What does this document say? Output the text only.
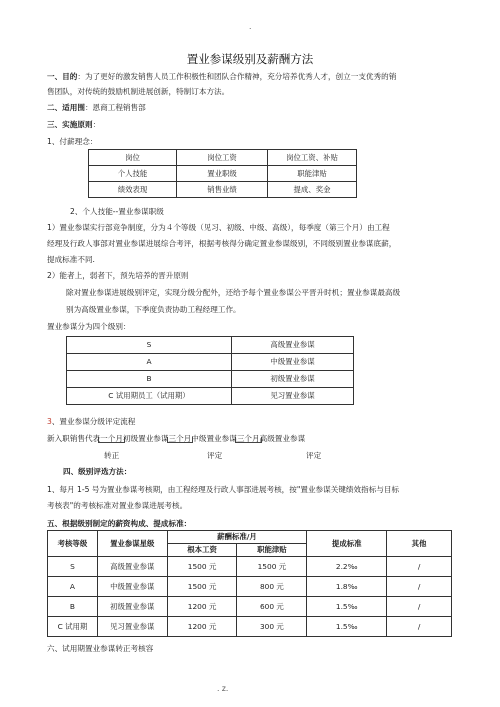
.
置业参谋级别及薪酬方法
一、目的：为了更好的激发销售人员工作积极性和团队合作精神，充分培养优秀人才，创立一支优秀的销
售团队，对传统的鼓励机制进展创新，特制订本方法。
二、适用围：恩商工程销售部
三、实施原则：
1、付薪理念：
岗位	岗位工资	岗位工资、补贴
个人技能	置业职级	职能津贴
绩效表现	销售业绩	提成、奖金
2、个人技能--置业参谋职级
1）置业参谋实行部竞争制度，分为４个等级（见习、初级、中级、高级），每季度（第三个月）由工程
经理及行政人事部对置业参谋进展综合考评，根据考核得分确定置业参谋级别，不同级别置业参谋底薪，
提成标准不同.
2）能者上，弱者下，预先培养的晋升原则
除对置业参谋进展级别评定，实现分级分配外，还给予每个置业参谋公平晋升时机；置业参谋最高级
别为高级置业参谋，下季度负责协助工程经理工作。
置业参谋分为四个级别：
S	高级置业参谋
A	中级置业参谋
B	初级置业参谋
C 试用期员工（试用期）	见习置业参谋
3、置业参谋分级评定流程
新入职销售代表一个月初级置业参谋三个月中级置业参谋三个月高级置业参谋
转正	评定	评定
四、级别评选方法：
1、每月 1-5 号为置业参谋考核期，由工程经理及行政人事部进展考核，按"置业参谋关键绩效指标与目标
考核表"的考核标准对置业参谋进展考核。
五、根据级别制定的薪资构成、提成标准：
考核等级	置业参谋星级	薪酬标准/月		提成标准	其他
		根本工资	职能津贴		
S	高级置业参谋	1500 元	1500 元	2.2‰	/
A	中级置业参谋	1500 元	800 元	1.8‰	/
B	初级置业参谋	1200 元	600 元	1.5‰	/
C 试用期	见习置业参谋	1200 元	300 元	1.5‰	/
六、试用期置业参谋转正考核容
. z.
